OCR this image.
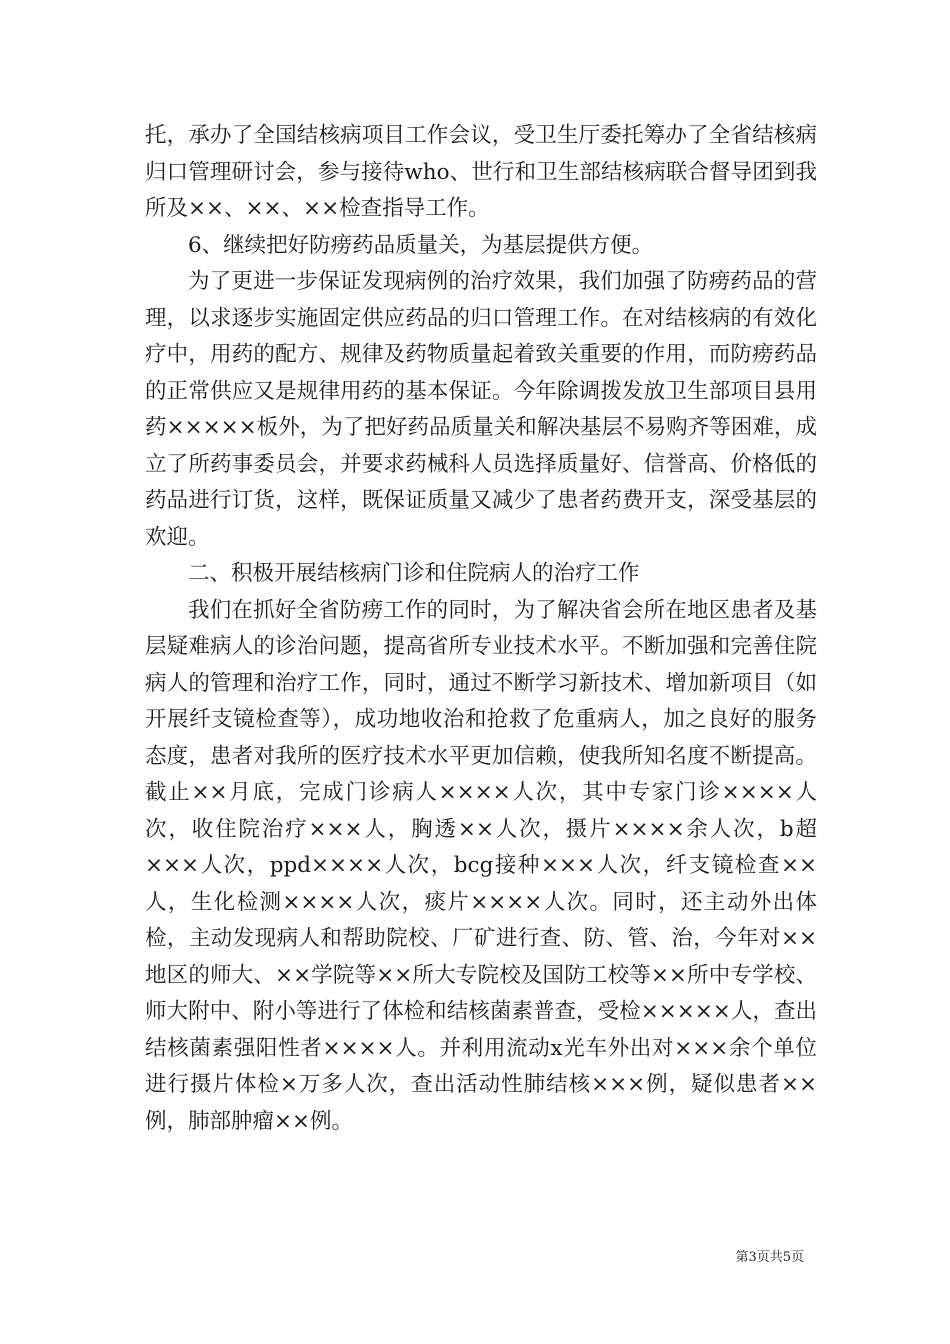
托，承办了全国结核病项目工作会议，受卫生厅委托筹办了全省结核病归口管理研讨会，参与接待who、世行和卫生部结核病联合督导团到我所及××、××、××检查指导工作。

6、继续把好防痨药品质量关，为基层提供方便。

为了更进一步保证发现病例的治疗效果，我们加强了防痨药品的营理，以求逐步实施固定供应药品的归口管理工作。在对结核病的有效化疗中，用药的配方、规律及药物质量起着致关重要的作用，而防痨药品的正常供应又是规律用药的基本保证。今年除调拨发放卫生部项目县用药×××××板外，为了把好药品质量关和解决基层不易购齐等困难，成立了所药事委员会，并要求药械科人员选择质量好、信誉高、价格低的药品进行订货，这样，既保证质量又减少了患者药费开支，深受基层的欢迎。

二、积极开展结核病门诊和住院病人的治疗工作

我们在抓好全省防痨工作的同时，为了解决省会所在地区患者及基层疑难病人的诊治问题，提高省所专业技术水平。不断加强和完善住院病人的管理和治疗工作，同时，通过不断学习新技术、增加新项目（如开展纤支镜检查等），成功地收治和抢救了危重病人，加之良好的服务态度，患者对我所的医疗技术水平更加信赖，使我所知名度不断提高。截止××月底，完成门诊病人××××人次，其中专家门诊××××人次，收住院治疗×××人，胸透××人次，摄片××××余人次，b超×××人次，ppd××××人次，bcg接种×××人次，纤支镜检查××人，生化检测××××人次，痰片××××人次。同时，还主动外出体检，主动发现病人和帮助院校、厂矿进行查、防、管、治，今年对××地区的师大、××学院等××所大专院校及国防工校等××所中专学校、师大附中、附小等进行了体检和结核菌素普查，受检×××××人，查出结核菌素强阳性者××××人。并利用流动x光车外出对×××余个单位进行摄片体检×万多人次，查出活动性肺结核×××例，疑似患者××例，肺部肿瘤××例。

第3页共5页
